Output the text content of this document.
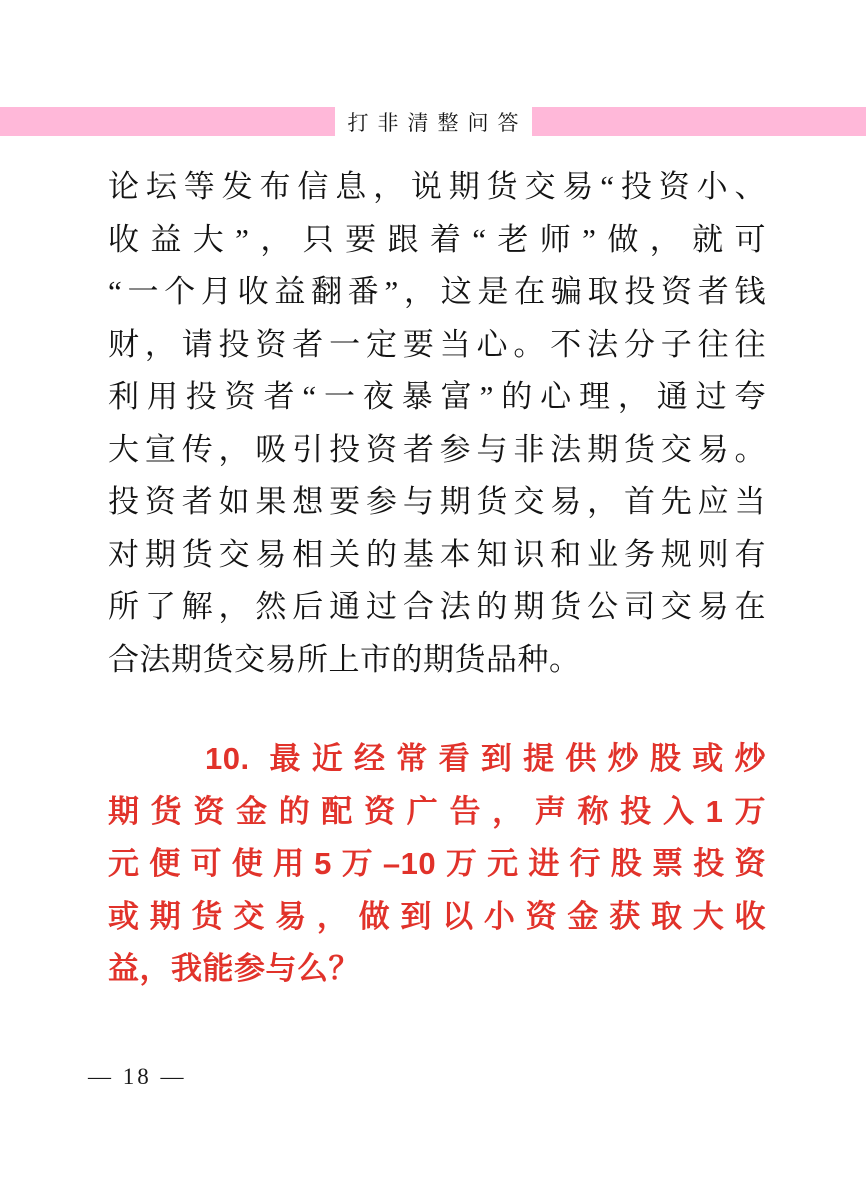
打非清整问答
论坛等发布信息，说期货交易“投资小、
收益大”，只要跟着“老师”做，就可
“一个月收益翻番”，这是在骗取投资者钱
财，请投资者一定要当心。不法分子往往
利用投资者“一夜暴富”的心理，通过夸
大宣传，吸引投资者参与非法期货交易。
投资者如果想要参与期货交易，首先应当
对期货交易相关的基本知识和业务规则有
所了解，然后通过合法的期货公司交易在
合法期货交易所上市的期货品种。
10. 最近经常看到提供炒股或炒
期货资金的配资广告，声称投入1万
元便可使用5万–10万元进行股票投资
或期货交易，做到以小资金获取大收
益，我能参与么？
— 18 —
